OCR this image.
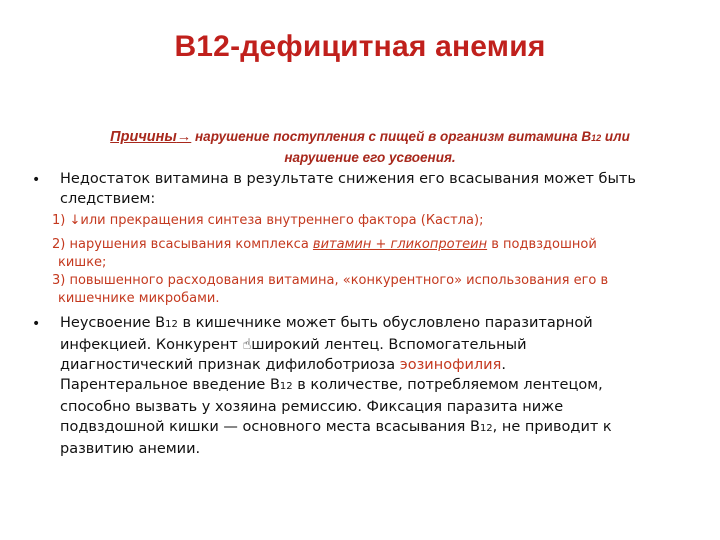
В12-дефицитная анемия
Причины→ нарушение поступления с пищей в организм витамина В12 или
нарушение его усвоения.
• Недостаток витамина в результате снижения его всасывания может быть
следствием:
1) ↓или прекращения синтеза внутреннего фактора (Кастла);
2) нарушения всасывания комплекса витамин + гликопротеин в подвздошной
кишке;
3) повышенного расходования витамина, «конкурентного» использования его в
кишечнике микробами.
• Неусвоение В12 в кишечнике может быть обусловлено паразитарной
инфекцией. Конкурент ☝широкий лентец. Вспомогательный
диагностический признак дифилоботриоза эозинофилия.
Парентеральное введение В12 в количестве, потребляемом лентецом,
способно вызвать у хозяина ремиссию. Фиксация паразита ниже
подвздошной кишки — основного места всасывания В12, не приводит к
развитию анемии.
